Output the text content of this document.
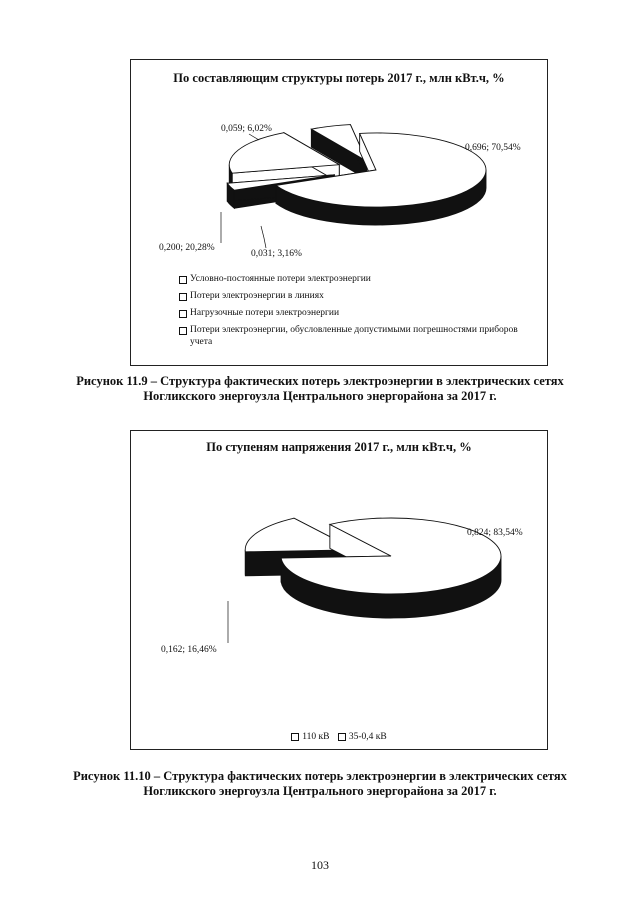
По составляющим структуры потерь 2017 г., млн кВт.ч, %
0,696; 70,54%
0,031; 3,16%
0,200; 20,28%
0,059; 6,02%
Условно-постоянные потери электроэнергии
Потери электроэнергии в линиях
Нагрузочные потери электроэнергии
Потери электроэнергии, обусловленные допустимыми погрешностями приборов учета
Рисунок 11.9 – Структура фактических потерь электроэнергии в электрических сетях Ногликского энергоузла Центрального энергорайона за 2017 г.
По ступеням напряжения 2017 г., млн кВт.ч, %
0,824; 83,54%
0,162; 16,46%
110 кВ
35-0,4 кВ
Рисунок 11.10 – Структура фактических потерь электроэнергии в электрических сетях Ногликского энергоузла Центрального энергорайона за 2017 г.
103
